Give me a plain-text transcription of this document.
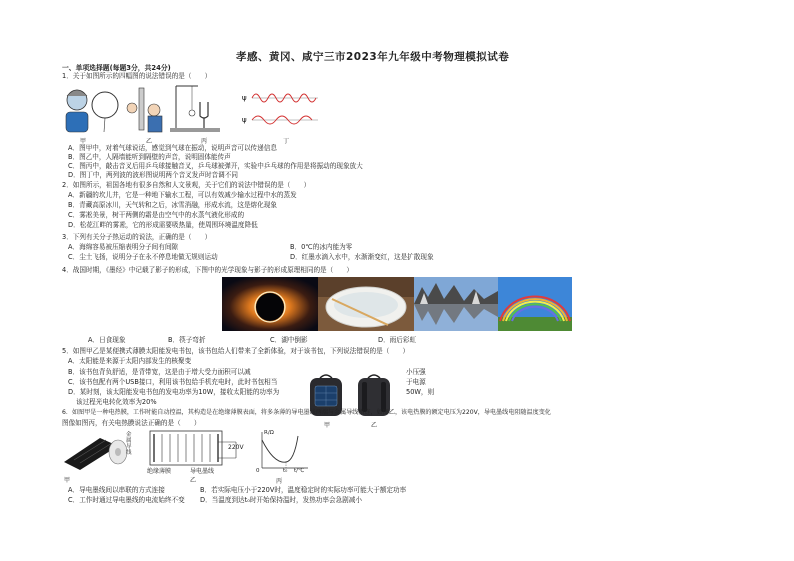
孝感、黄冈、咸宁三市2023年九年级中考物理模拟试卷
一、单项选择题(每题3分，共24分)
1．关于如图所示的四幅图的说法错误的是（　　）
ψ
ψ
甲	乙	丙	丁
A．图甲中，对着气球说话，感觉到气球在振动，说明声音可以传递信息
B．图乙中，人隔墙能听到隔壁的声音，说明固体能传声
C．图丙中，敲击音叉后用乒乓球接触音叉，乒乓球被弹开，实验中乒乓球的作用是将振动的现象放大
D．图丁中，两列波的波形图说明两个音叉发声时音调不同
2．如图所示，祖国各地有很多自然和人文景观，关于它们的说法中错误的是（　　）
A．新疆的坎儿井，它是一种地下输水工程，可以有效减少输水过程中水的蒸发
B．青藏高原冰川，天气转和之后，冰雪消融，形成水流，这是熔化现象
C．雾凇美景，树干两侧的霜是由空气中的水蒸气液化形成的
D．松花江畔的雾凇，它的形成需要吸热量，使周围环境温度降低
3．下列有关分子热运动的说法，正确的是（　　）
A．海绵容易被压缩表明分子间有间隙	B．0℃的冰内能为零
C．尘土飞扬，说明分子在永不停息地做无规则运动	D．红墨水滴入水中，水渐渐变红，这是扩散现象
4．战国时期，《墨经》中记载了影子的形成，下图中的光学现象与影子的形成原理相同的是（　　）
A．日食现象	B．筷子弯折	C．湖中倒影	D．雨后彩虹
5．如图甲乙是某便携式薄膜太阳能发电书包，该书包给人们带来了全新体验，对于该书包，下列说法错误的是（　　）
A．太阳能是来源于太阳内部发生的核聚变
B．该书包背负舒适，是背带宽，这是由于增大受力面积可以减
C．该书包配有两个USB接口，利用该书包给手机充电时，此时书包相当
D．某时刻，该太阳能发电书包的发电功率为10W，接收太阳能的功率为
该过程光电转化效率为20%
甲	乙
小压强
于电源
50W，则
6．如图甲是一种电热膜，工作时能自动控温，其构造是在绝缘薄膜表面，将多条薄的导电墨线两端与金属导线相连，如图乙，该电热膜的额定电压为220V，导电墨线电阻随温度变化
图像如图丙，有关电热膜说法正确的是（　　）
甲
金属导线
220V
绝缘薄膜	导电墨线
乙
R/Ω
0	t₀ t/℃
丙
A．导电墨线间以串联的方式连接	B．若实际电压小于220V时，温度稳定时的实际功率可能大于额定功率
C．工作时通过导电墨线的电流始终不变 D．当温度到达t₀时开始保持温时，发热功率会急剧减小
